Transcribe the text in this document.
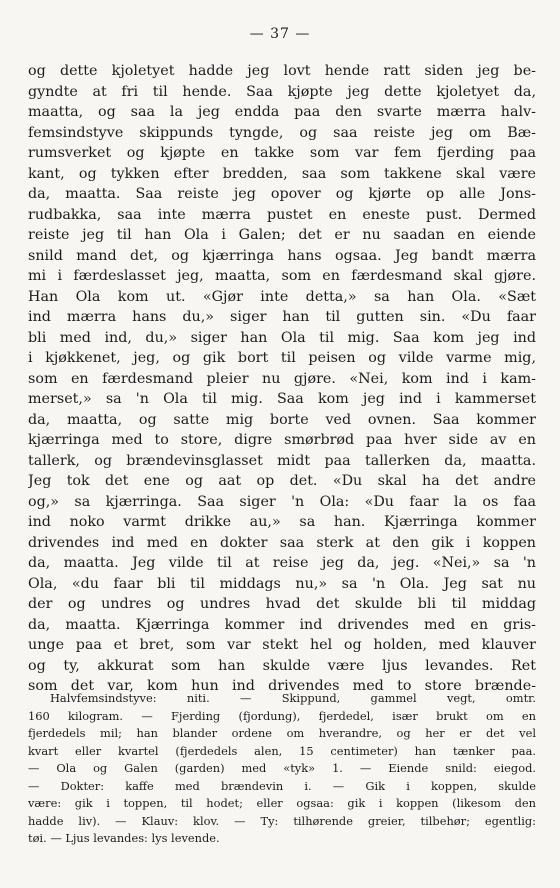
— 37 —
og dette kjoletyet hadde jeg lovt hende ratt siden jeg be-
gyndte at fri til hende. Saa kjøpte jeg dette kjoletyet da,
maatta, og saa la jeg endda paa den svarte mærra halv-
femsindstyve skippunds tyngde, og saa reiste jeg om Bæ-
rumsverket og kjøpte en takke som var fem fjerding paa
kant, og tykken efter bredden, saa som takkene skal være
da, maatta. Saa reiste jeg opover og kjørte op alle Jons-
rudbakka, saa inte mærra pustet en eneste pust. Dermed
reiste jeg til han Ola i Galen; det er nu saadan en eiende
snild mand det, og kjærringa hans ogsaa. Jeg bandt mærra
mi i færdeslasset jeg, maatta, som en færdesmand skal gjøre.
Han Ola kom ut. «Gjør inte detta,» sa han Ola. «Sæt
ind mærra hans du,» siger han til gutten sin. «Du faar
bli med ind, du,» siger han Ola til mig. Saa kom jeg ind
i kjøkkenet, jeg, og gik bort til peisen og vilde varme mig,
som en færdesmand pleier nu gjøre. «Nei, kom ind i kam-
merset,» sa 'n Ola til mig. Saa kom jeg ind i kammerset
da, maatta, og satte mig borte ved ovnen. Saa kommer
kjærringa med to store, digre smørbrød paa hver side av en
tallerk, og brændevinsglasset midt paa tallerken da, maatta.
Jeg tok det ene og aat op det. «Du skal ha det andre
og,» sa kjærringa. Saa siger 'n Ola: «Du faar la os faa
ind noko varmt drikke au,» sa han. Kjærringa kommer
drivendes ind med en dokter saa sterk at den gik i koppen
da, maatta. Jeg vilde til at reise jeg da, jeg. «Nei,» sa 'n
Ola, «du faar bli til middags nu,» sa 'n Ola. Jeg sat nu
der og undres og undres hvad det skulde bli til middag
da, maatta. Kjærringa kommer ind drivendes med en gris-
unge paa et bret, som var stekt hel og holden, med klauver
og ty, akkurat som han skulde være ljus levandes. Ret
som det var, kom hun ind drivendes med to store brænde-
Halvfemsindstyve: niti. — Skippund, gammel vegt, omtr.
160 kilogram. — Fjerding (fjordung), fjerdedel, især brukt om en
fjerdedels mil; han blander ordene om hverandre, og her er det vel
kvart eller kvartel (fjerdedels alen, 15 centimeter) han tænker paa.
— Ola og Galen (garden) med «tyk» 1. — Eiende snild: eiegod.
— Dokter: kaffe med brændevin i. — Gik i koppen, skulde
være: gik i toppen, til hodet; eller ogsaa: gik i koppen (likesom den
hadde liv). — Klauv: klov. — Ty: tilhørende greier, tilbehør; egentlig:
tøi. — Ljus levandes: lys levende.
